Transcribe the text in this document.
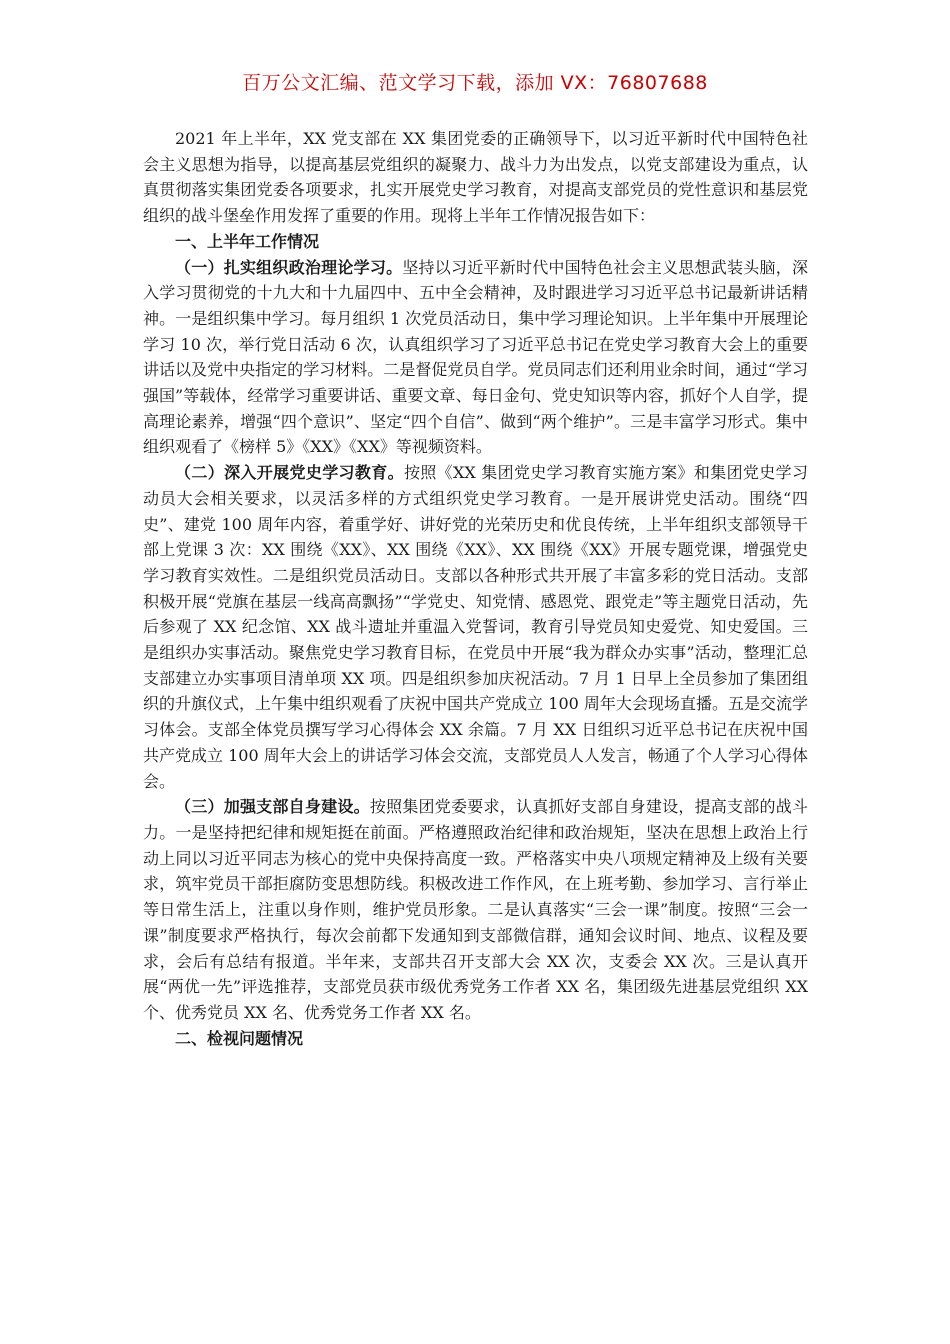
百万公文汇编、范文学习下载，添加 VX：76807688

2021 年上半年，XX 党支部在 XX 集团党委的正确领导下，以习近平新时代中国特色社会主义思想为指导，以提高基层党组织的凝聚力、战斗力为出发点，以党支部建设为重点，认真贯彻落实集团党委各项要求，扎实开展党史学习教育，对提高支部党员的党性意识和基层党组织的战斗堡垒作用发挥了重要的作用。现将上半年工作情况报告如下：

一、上半年工作情况

（一）扎实组织政治理论学习。坚持以习近平新时代中国特色社会主义思想武装头脑，深入学习贯彻党的十九大和十九届四中、五中全会精神，及时跟进学习习近平总书记最新讲话精神。一是组织集中学习。每月组织 1 次党员活动日，集中学习理论知识。上半年集中开展理论学习 10 次，举行党日活动 6 次，认真组织学习了习近平总书记在党史学习教育大会上的重要讲话以及党中央指定的学习材料。二是督促党员自学。党员同志们还利用业余时间，通过“学习强国”等载体，经常学习重要讲话、重要文章、每日金句、党史知识等内容，抓好个人自学，提高理论素养，增强“四个意识”、坚定“四个自信”、做到“两个维护”。三是丰富学习形式。集中组织观看了《榜样 5》《XX》《XX》等视频资料。

（二）深入开展党史学习教育。按照《XX 集团党史学习教育实施方案》和集团党史学习动员大会相关要求，以灵活多样的方式组织党史学习教育。一是开展讲党史活动。围绕“四史”、建党 100 周年内容，着重学好、讲好党的光荣历史和优良传统，上半年组织支部领导干部上党课 3 次：XX 围绕《XX》、XX 围绕《XX》、XX 围绕《XX》开展专题党课，增强党史学习教育实效性。二是组织党员活动日。支部以各种形式共开展了丰富多彩的党日活动。支部积极开展“党旗在基层一线高高飘扬”“学党史、知党情、感恩党、跟党走”等主题党日活动，先后参观了 XX 纪念馆、XX 战斗遗址并重温入党誓词，教育引导党员知史爱党、知史爱国。三是组织办实事活动。聚焦党史学习教育目标，在党员中开展“我为群众办实事”活动，整理汇总支部建立办实事项目清单项 XX 项。四是组织参加庆祝活动。7 月 1 日早上全员参加了集团组织的升旗仪式，上午集中组织观看了庆祝中国共产党成立 100 周年大会现场直播。五是交流学习体会。支部全体党员撰写学习心得体会 XX 余篇。7 月 XX 日组织习近平总书记在庆祝中国共产党成立 100 周年大会上的讲话学习体会交流，支部党员人人发言，畅通了个人学习心得体会。

（三）加强支部自身建设。按照集团党委要求，认真抓好支部自身建设，提高支部的战斗力。一是坚持把纪律和规矩挺在前面。严格遵照政治纪律和政治规矩，坚决在思想上政治上行动上同以习近平同志为核心的党中央保持高度一致。严格落实中央八项规定精神及上级有关要求，筑牢党员干部拒腐防变思想防线。积极改进工作作风，在上班考勤、参加学习、言行举止等日常生活上，注重以身作则，维护党员形象。二是认真落实“三会一课”制度。按照“三会一课”制度要求严格执行，每次会前都下发通知到支部微信群，通知会议时间、地点、议程及要求，会后有总结有报道。半年来，支部共召开支部大会 XX 次，支委会 XX 次。三是认真开展“两优一先”评选推荐，支部党员获市级优秀党务工作者 XX 名，集团级先进基层党组织 XX 个、优秀党员 XX 名、优秀党务工作者 XX 名。

二、检视问题情况
